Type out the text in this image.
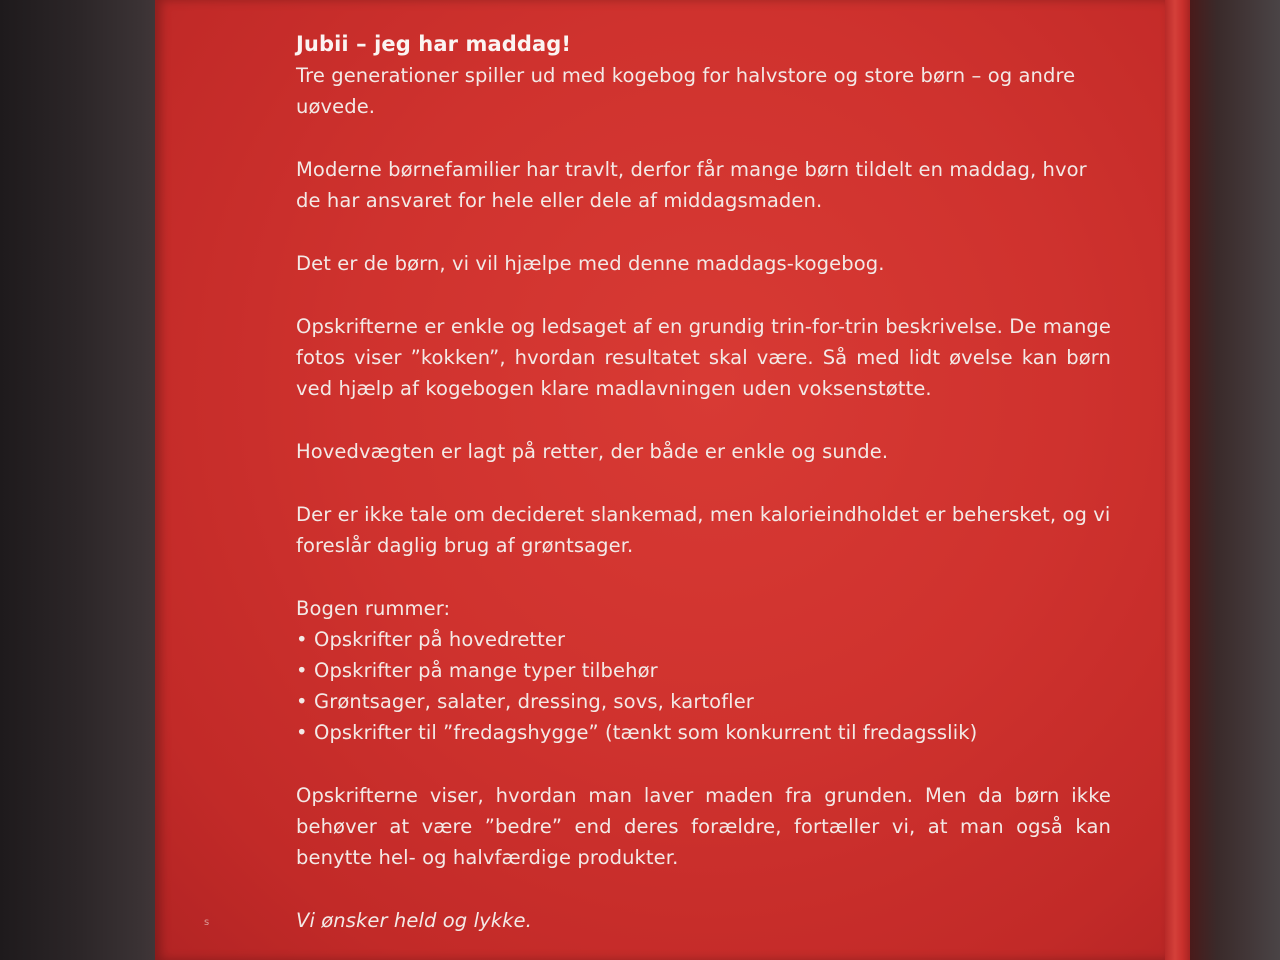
Jubii – jeg har maddag!

Tre generationer spiller ud med kogebog for halvstore og store børn – og andre uøvede.

Moderne børnefamilier har travlt, derfor får mange børn tildelt en maddag, hvor de har ansvaret for hele eller dele af middagsmaden.

Det er de børn, vi vil hjælpe med denne maddags-kogebog.

Opskrifterne er enkle og ledsaget af en grundig trin-for-trin beskrivelse. De mange fotos viser ”kokken”, hvordan resultatet skal være. Så med lidt øvelse kan børn ved hjælp af kogebogen klare madlavningen uden voksenstøtte.

Hovedvægten er lagt på retter, der både er enkle og sunde.

Der er ikke tale om decideret slankemad, men kalorieindholdet er behersket, og vi foreslår daglig brug af grøntsager.

Bogen rummer:

• Opskrifter på hovedretter
• Opskrifter på mange typer tilbehør
• Grøntsager, salater, dressing, sovs, kartofler
• Opskrifter til ”fredagshygge” (tænkt som konkurrent til fredagsslik)

Opskrifterne viser, hvordan man laver maden fra grunden. Men da børn ikke behøver at være ”bedre” end deres forældre, fortæller vi, at man også kan benytte hel- og halvfærdige produkter.

Vi ønsker held og lykke.

s
